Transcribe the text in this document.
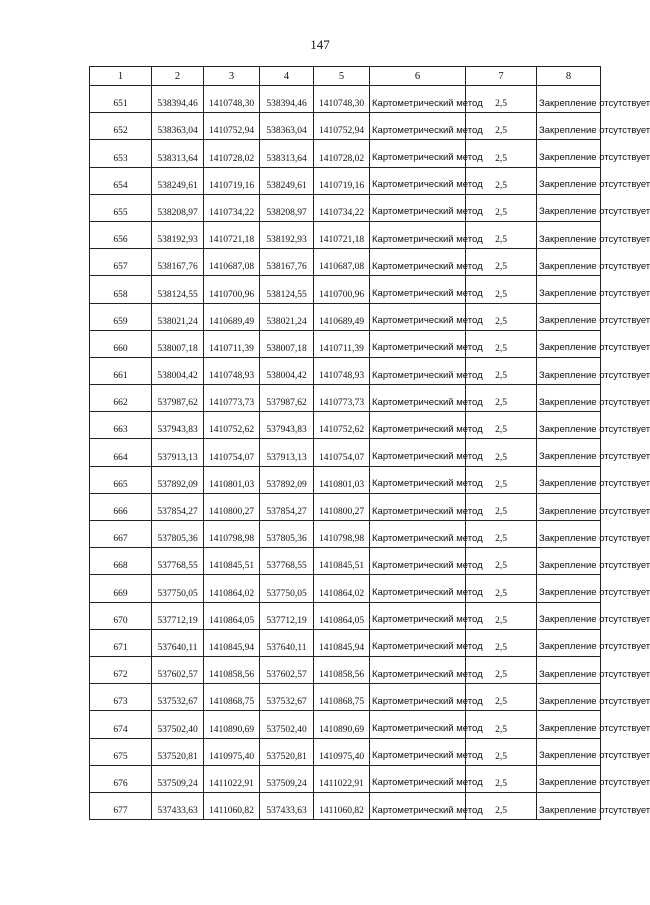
147
1	2	3	4	5	6	7	8
651	538394,46	1410748,30	538394,46	1410748,30	Картометрический метод	2,5	Закрепление отсутствует
652	538363,04	1410752,94	538363,04	1410752,94	Картометрический метод	2,5	Закрепление отсутствует
653	538313,64	1410728,02	538313,64	1410728,02	Картометрический метод	2,5	Закрепление отсутствует
654	538249,61	1410719,16	538249,61	1410719,16	Картометрический метод	2,5	Закрепление отсутствует
655	538208,97	1410734,22	538208,97	1410734,22	Картометрический метод	2,5	Закрепление отсутствует
656	538192,93	1410721,18	538192,93	1410721,18	Картометрический метод	2,5	Закрепление отсутствует
657	538167,76	1410687,08	538167,76	1410687,08	Картометрический метод	2,5	Закрепление отсутствует
658	538124,55	1410700,96	538124,55	1410700,96	Картометрический метод	2,5	Закрепление отсутствует
659	538021,24	1410689,49	538021,24	1410689,49	Картометрический метод	2,5	Закрепление отсутствует
660	538007,18	1410711,39	538007,18	1410711,39	Картометрический метод	2,5	Закрепление отсутствует
661	538004,42	1410748,93	538004,42	1410748,93	Картометрический метод	2,5	Закрепление отсутствует
662	537987,62	1410773,73	537987,62	1410773,73	Картометрический метод	2,5	Закрепление отсутствует
663	537943,83	1410752,62	537943,83	1410752,62	Картометрический метод	2,5	Закрепление отсутствует
664	537913,13	1410754,07	537913,13	1410754,07	Картометрический метод	2,5	Закрепление отсутствует
665	537892,09	1410801,03	537892,09	1410801,03	Картометрический метод	2,5	Закрепление отсутствует
666	537854,27	1410800,27	537854,27	1410800,27	Картометрический метод	2,5	Закрепление отсутствует
667	537805,36	1410798,98	537805,36	1410798,98	Картометрический метод	2,5	Закрепление отсутствует
668	537768,55	1410845,51	537768,55	1410845,51	Картометрический метод	2,5	Закрепление отсутствует
669	537750,05	1410864,02	537750,05	1410864,02	Картометрический метод	2,5	Закрепление отсутствует
670	537712,19	1410864,05	537712,19	1410864,05	Картометрический метод	2,5	Закрепление отсутствует
671	537640,11	1410845,94	537640,11	1410845,94	Картометрический метод	2,5	Закрепление отсутствует
672	537602,57	1410858,56	537602,57	1410858,56	Картометрический метод	2,5	Закрепление отсутствует
673	537532,67	1410868,75	537532,67	1410868,75	Картометрический метод	2,5	Закрепление отсутствует
674	537502,40	1410890,69	537502,40	1410890,69	Картометрический метод	2,5	Закрепление отсутствует
675	537520,81	1410975,40	537520,81	1410975,40	Картометрический метод	2,5	Закрепление отсутствует
676	537509,24	1411022,91	537509,24	1411022,91	Картометрический метод	2,5	Закрепление отсутствует
677	537433,63	1411060,82	537433,63	1411060,82	Картометрический метод	2,5	Закрепление отсутствует
